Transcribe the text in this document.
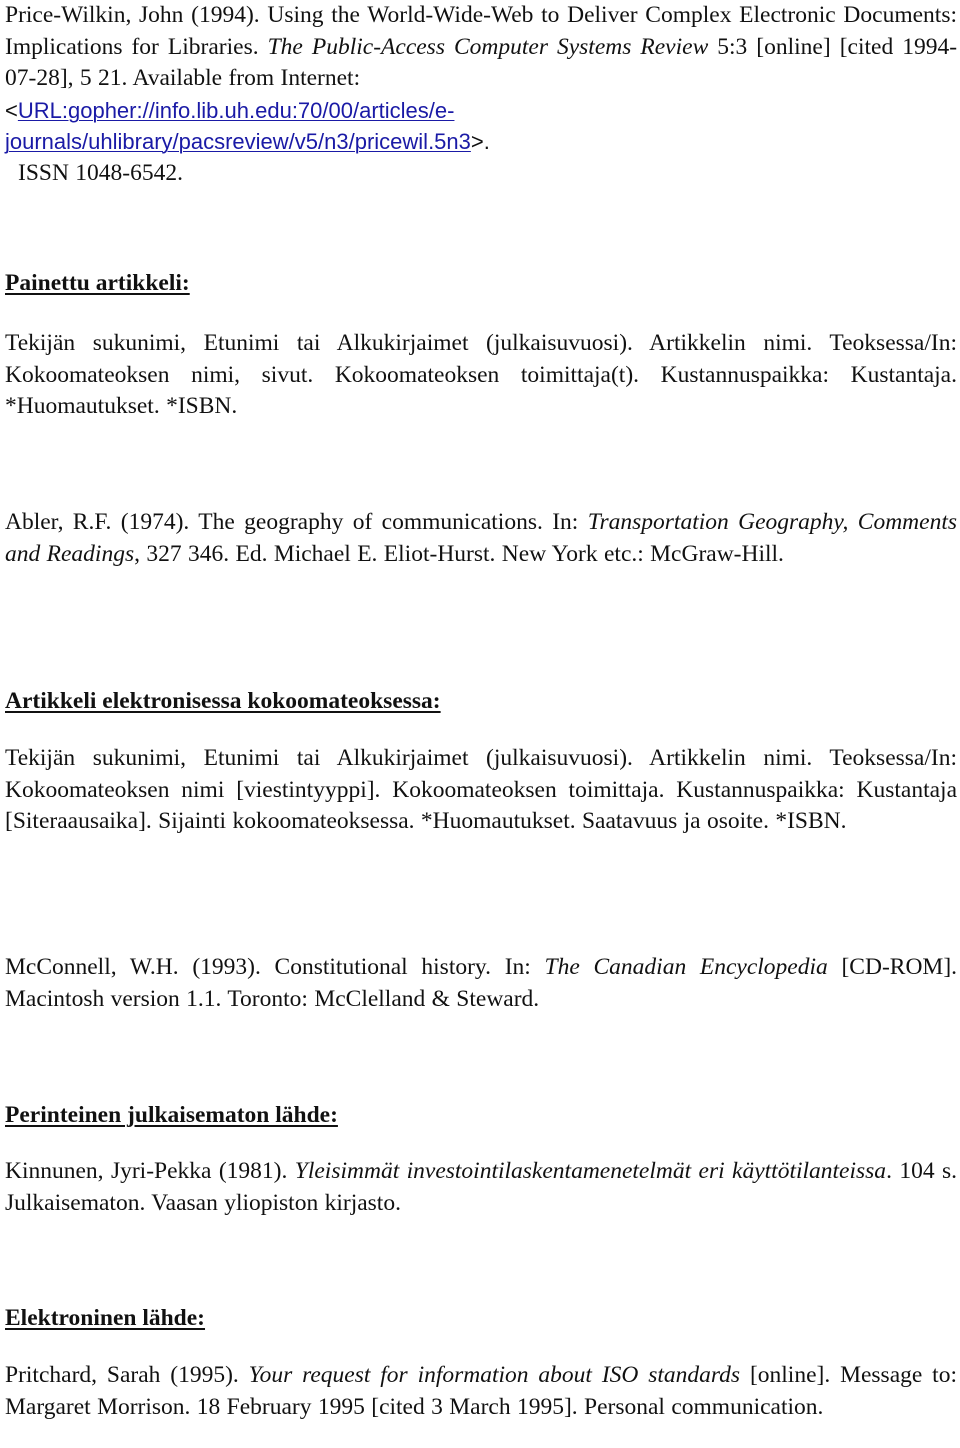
Price-Wilkin, John (1994). Using the World-Wide-Web to Deliver Complex Electronic Documents: Implications for Libraries. The Public-Access Computer Systems Review 5:3 [online] [cited 1994-07-28], 5 21. Available from Internet:

<URL:gopher://info.lib.uh.edu:70/00/articles/e-
journals/uhlibrary/pacsreview/v5/n3/pricewil.5n3>.

ISSN 1048-6542.

Painettu artikkeli:

Tekijän sukunimi, Etunimi tai Alkukirjaimet (julkaisuvuosi). Artikkelin nimi. Teoksessa/In: Kokoomateoksen nimi, sivut. Kokoomateoksen toimittaja(t). Kustannuspaikka: Kustantaja. *Huomautukset. *ISBN.

Abler, R.F. (1974). The geography of communications. In: Transportation Geography, Comments and Readings, 327 346. Ed. Michael E. Eliot-Hurst. New York etc.: McGraw-Hill.

Artikkeli elektronisessa kokoomateoksessa:

Tekijän sukunimi, Etunimi tai Alkukirjaimet (julkaisuvuosi). Artikkelin nimi. Teoksessa/In: Kokoomateoksen nimi [viestintyyppi]. Kokoomateoksen toimittaja. Kustannuspaikka: Kustantaja [Siteraausaika]. Sijainti kokoomateoksessa. *Huomautukset. Saatavuus ja osoite. *ISBN.

McConnell, W.H. (1993). Constitutional history. In: The Canadian Encyclopedia [CD-ROM]. Macintosh version 1.1. Toronto: McClelland & Steward.

Perinteinen julkaisematon lähde:

Kinnunen, Jyri-Pekka (1981). Yleisimmät investointilaskentamenetelmät eri käyttötilanteissa. 104 s. Julkaisematon. Vaasan yliopiston kirjasto.

Elektroninen lähde:

Pritchard, Sarah (1995). Your request for information about ISO standards [online]. Message to: Margaret Morrison. 18 February 1995 [cited 3 March 1995]. Personal communication.
